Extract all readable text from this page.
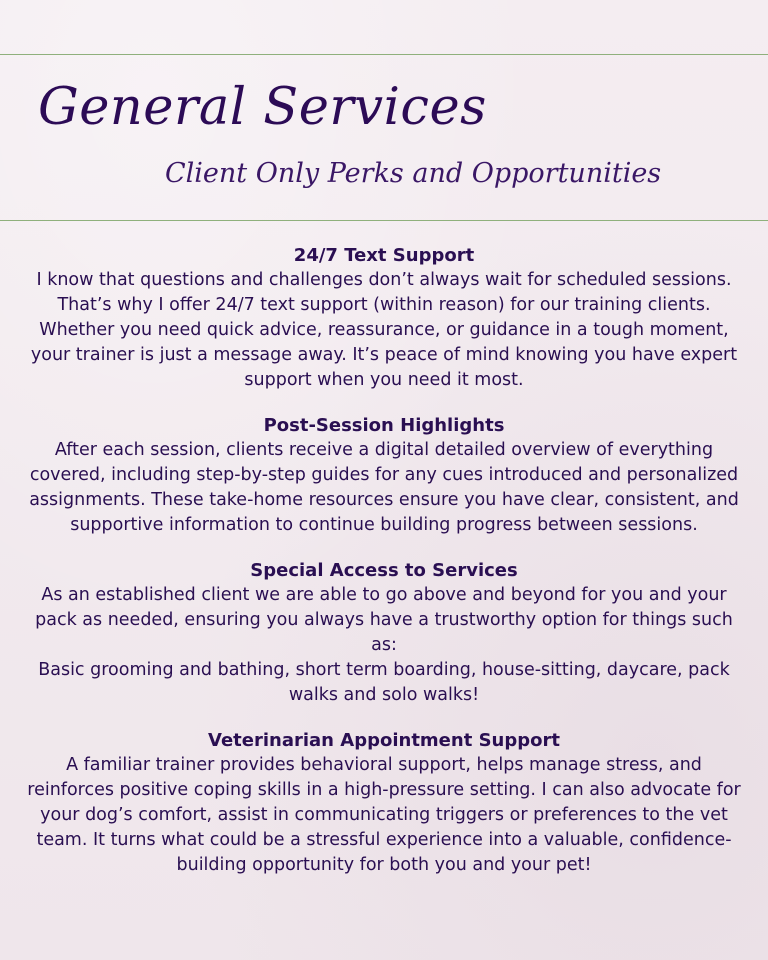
General Services

Client Only Perks and Opportunities

24/7 Text Support

I know that questions and challenges don’t always wait for scheduled sessions. That’s why I offer 24/7 text support (within reason) for our training clients. Whether you need quick advice, reassurance, or guidance in a tough moment, your trainer is just a message away. It’s peace of mind knowing you have expert support when you need it most.

Post-Session Highlights

After each session, clients receive a digital detailed overview of everything covered, including step-by-step guides for any cues introduced and personalized assignments. These take-home resources ensure you have clear, consistent, and supportive information to continue building progress between sessions.

Special Access to Services

As an established client we are able to go above and beyond for you and your pack as needed, ensuring you always have a trustworthy option for things such as:

Basic grooming and bathing, short term boarding, house-sitting, daycare, pack walks and solo walks!

Veterinarian Appointment Support

A familiar trainer provides behavioral support, helps manage stress, and reinforces positive coping skills in a high-pressure setting. I can also advocate for your dog’s comfort, assist in communicating triggers or preferences to the vet team. It turns what could be a stressful experience into a valuable, confidence-building opportunity for both you and your pet!
